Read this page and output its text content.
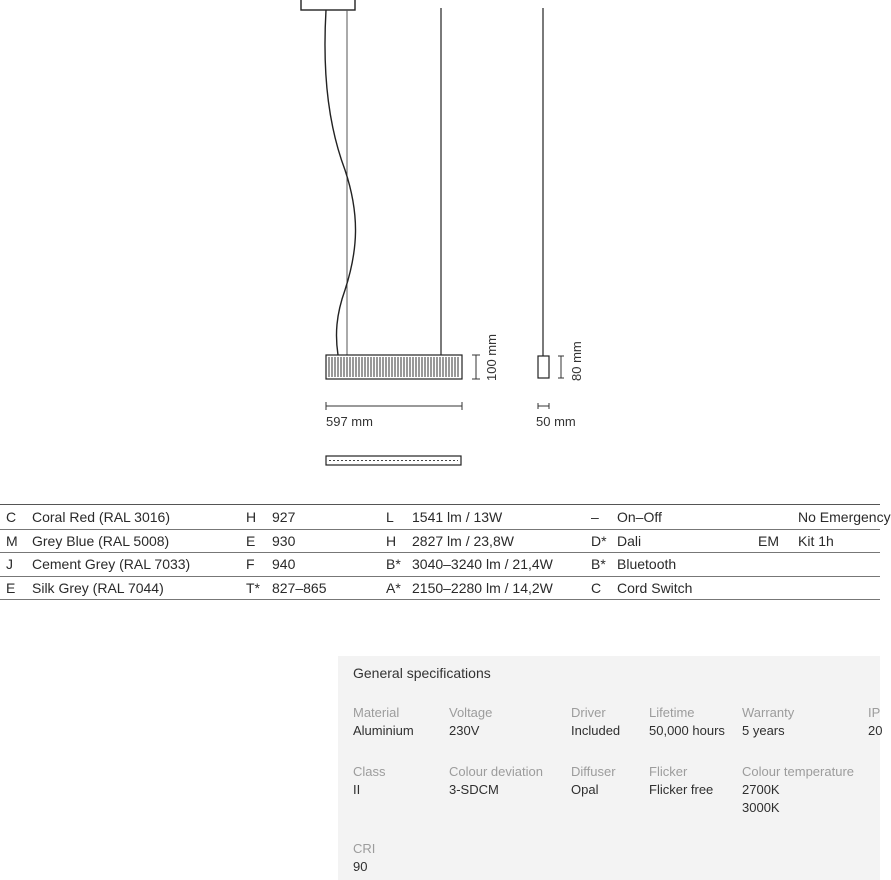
100 mm	80 mm
597 mm	50 mm
C Coral Red (RAL 3016)	H 927	L 1541 lm / 13W	– On–Off	No Emergency
M Grey Blue (RAL 5008)	E 930	H 2827 lm / 23,8W	D* Dali	EM Kit 1h
J Cement Grey (RAL 7033)	F 940	B* 3040–3240 lm / 21,4W	B* Bluetooth
E Silk Grey (RAL 7044)	T* 827–865	A* 2150–2280 lm / 14,2W	C Cord Switch
General specifications
Material
Aluminium
Voltage
230V
Driver
Included
Lifetime
50,000 hours
Warranty
5 years
IP
20
Class
II
Colour deviation
3-SDCM
Diffuser
Opal
Flicker
Flicker free
Colour temperature
2700K
3000K
CRI
90
